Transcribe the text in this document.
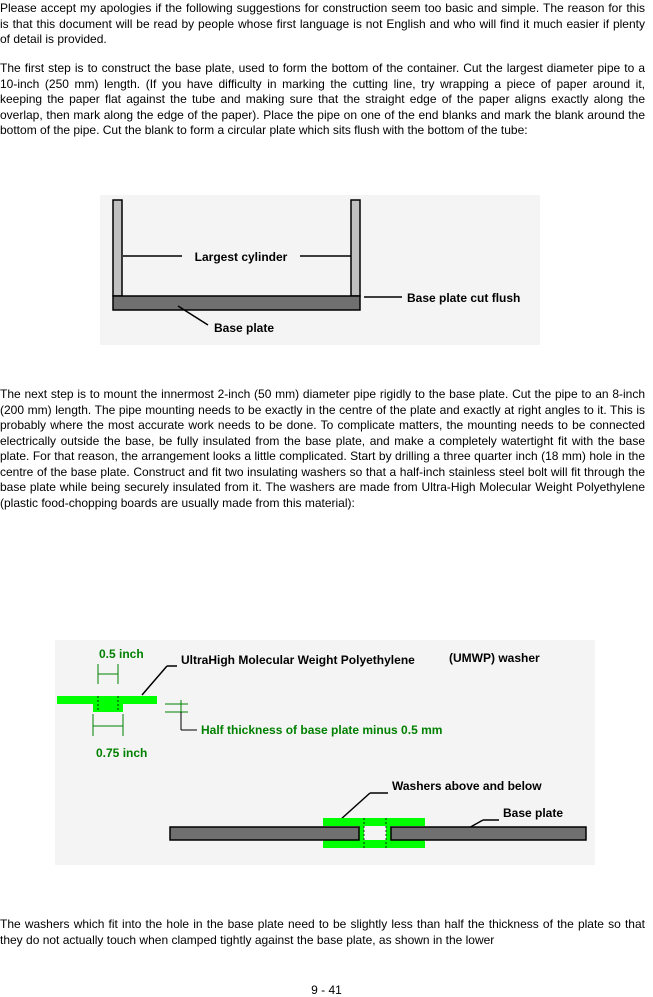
Please accept my apologies if the following suggestions for construction seem too basic and simple. The reason for this is that this document will be read by people whose first language is not English and who will find it much easier if plenty of detail is provided.

The first step is to construct the base plate, used to form the bottom of the container. Cut the largest diameter pipe to a 10-inch (250 mm) length. (If you have difficulty in marking the cutting line, try wrapping a piece of paper around it, keeping the paper flat against the tube and making sure that the straight edge of the paper aligns exactly along the overlap, then mark along the edge of the paper). Place the pipe on one of the end blanks and mark the blank around the bottom of the pipe. Cut the blank to form a circular plate which sits flush with the bottom of the tube:

Largest cylinder
Base plate cut flush
Base plate

The next step is to mount the innermost 2-inch (50 mm) diameter pipe rigidly to the base plate. Cut the pipe to an 8-inch (200 mm) length. The pipe mounting needs to be exactly in the centre of the plate and exactly at right angles to it. This is probably where the most accurate work needs to be done. To complicate matters, the mounting needs to be connected electrically outside the base, be fully insulated from the base plate, and make a completely watertight fit with the base plate. For that reason, the arrangement looks a little complicated. Start by drilling a three quarter inch (18 mm) hole in the centre of the base plate. Construct and fit two insulating washers so that a half-inch stainless steel bolt will fit through the base plate while being securely insulated from it. The washers are made from Ultra-High Molecular Weight Polyethylene (plastic food-chopping boards are usually made from this material):

0.5 inch	UltraHigh Molecular Weight Polyethylene	(UMWP) washer
Half thickness of base plate minus 0.5 mm
0.75 inch
Washers above and below
Base plate

The washers which fit into the hole in the base plate need to be slightly less than half the thickness of the plate so that they do not actually touch when clamped tightly against the base plate, as shown in the lower

9 - 41
